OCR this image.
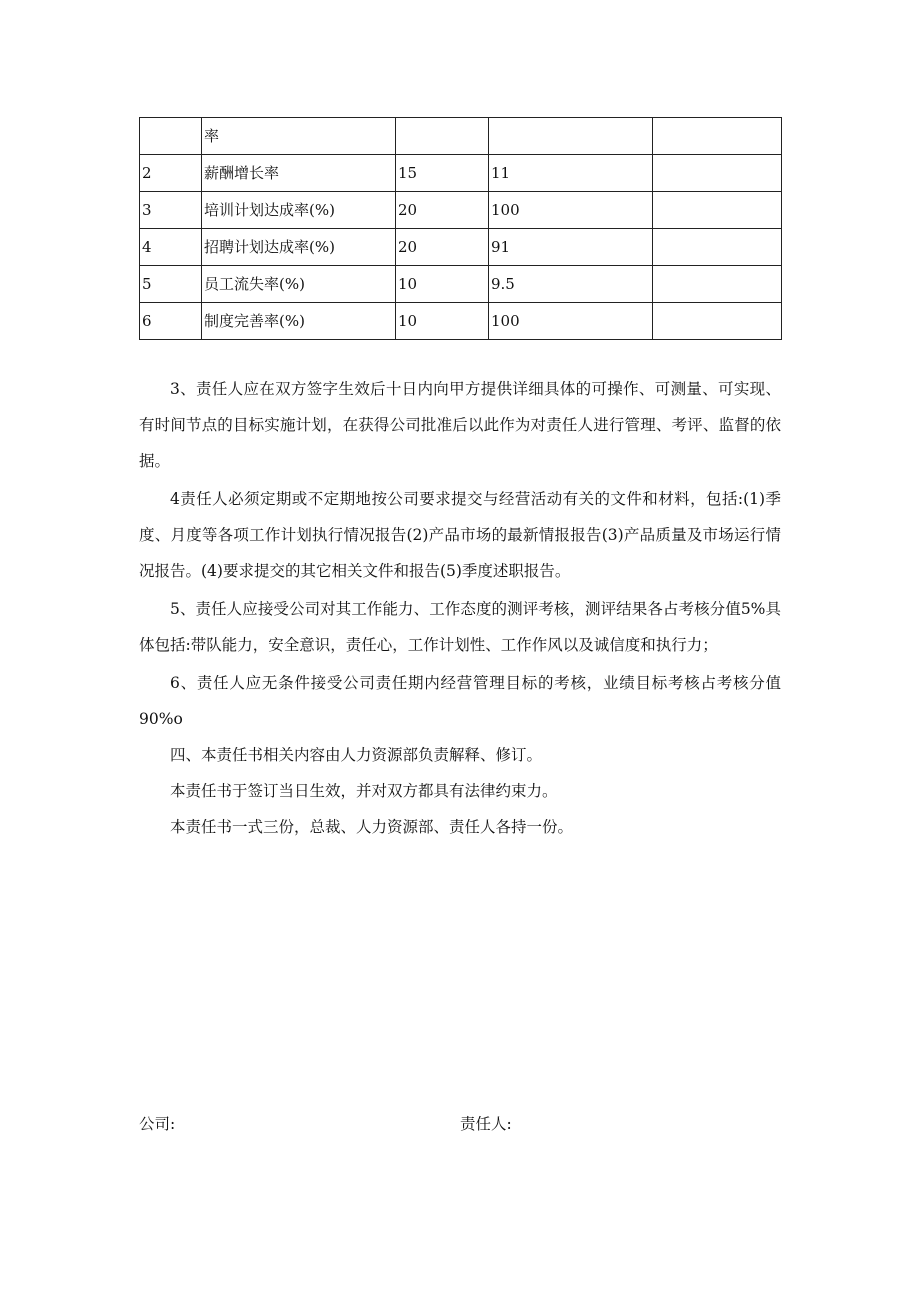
	率			
2	薪酬增长率	15	11	
3	培训计划达成率(%)	20	100	
4	招聘计划达成率(%)	20	91	
5	员工流失率(%)	10	9.5	
6	制度完善率(%)	10	100	

3、责任人应在双方签字生效后十日内向甲方提供详细具体的可操作、可测量、可实现、有时间节点的目标实施计划，在获得公司批准后以此作为对责任人进行管理、考评、监督的依据。

4责任人必须定期或不定期地按公司要求提交与经营活动有关的文件和材料，包括:(1)季度、月度等各项工作计划执行情况报告(2)产品市场的最新情报报告(3)产品质量及市场运行情况报告。(4)要求提交的其它相关文件和报告(5)季度述职报告。

5、责任人应接受公司对其工作能力、工作态度的测评考核，测评结果各占考核分值5%具体包括:带队能力，安全意识，责任心，工作计划性、工作作风以及诚信度和执行力；

6、责任人应无条件接受公司责任期内经营管理目标的考核，业绩目标考核占考核分值90%o

四、本责任书相关内容由人力资源部负责解释、修订。

本责任书于签订当日生效，并对双方都具有法律约束力。

本责任书一式三份，总裁、人力资源部、责任人各持一份。

公司:	责任人:
